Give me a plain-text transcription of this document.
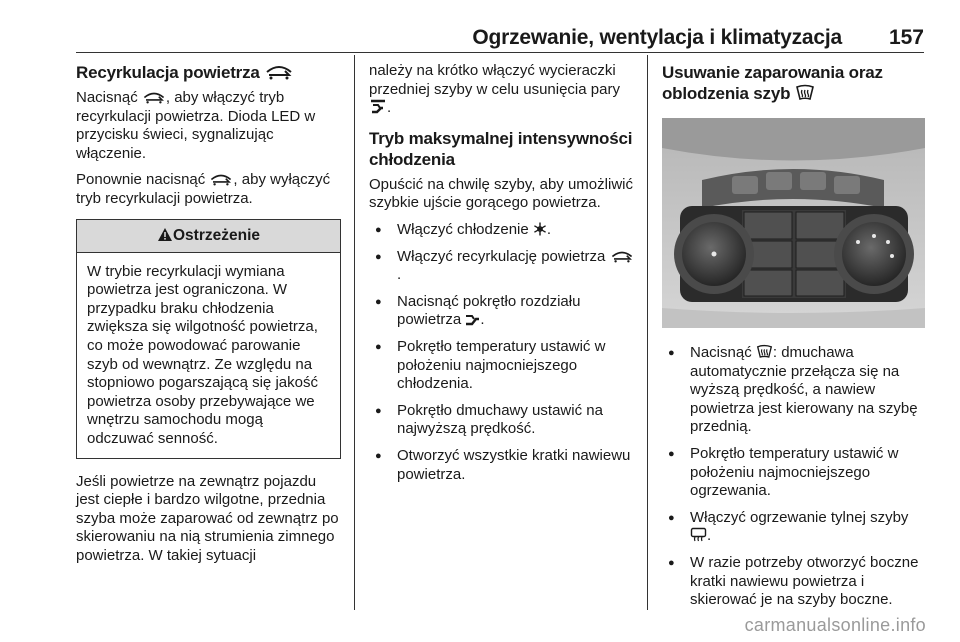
Ogrzewanie, wentylacja i klimatyzacja 157
Recyrkulacja powietrza

Nacisnąć , aby włączyć tryb recyrkulacji powietrza. Dioda LED w przycisku świeci, sygnalizując włączenie.

Ponownie nacisnąć , aby wyłączyć tryb recyrkulacji powietrza.

Ostrzeżenie
W trybie recyrkulacji wymiana powietrza jest ograniczona. W przypadku braku chłodzenia zwiększa się wilgotność powietrza, co może powodować parowanie szyb od wewnątrz. Ze względu na stopniowo pogarszającą się jakość powietrza osoby przebywające we wnętrzu samochodu mogą odczuwać senność.

Jeśli powietrze na zewnątrz pojazdu jest ciepłe i bardzo wilgotne, przednia szyba może zaparować od zewnątrz po skierowaniu na nią strumienia zimnego powietrza. W takiej sytuacji

należy na krótko włączyć wycieraczki przedniej szyby w celu usunięcia pary .

Tryb maksymalnej intensywności chłodzenia

Opuścić na chwilę szyby, aby umożliwić szybkie ujście gorącego powietrza.

● Włączyć chłodzenie .
● Włączyć recyrkulację powietrza .
● Nacisnąć pokrętło rozdziału powietrza .
● Pokrętło temperatury ustawić w położeniu najmocniejszego chłodzenia.
● Pokrętło dmuchawy ustawić na najwyższą prędkość.
● Otworzyć wszystkie kratki nawiewu powietrza.
Usuwanie zaparowania oraz oblodzenia szyb
● Nacisnąć : dmuchawa automatycznie przełącza się na wyższą prędkość, a nawiew powietrza jest kierowany na szybę przednią.
● Pokrętło temperatury ustawić w położeniu najmocniejszego ogrzewania.
● Włączyć ogrzewanie tylnej szyby .
● W razie potrzeby otworzyć boczne kratki nawiewu powietrza i skierować je na szyby boczne.
carmanualsonline.info
